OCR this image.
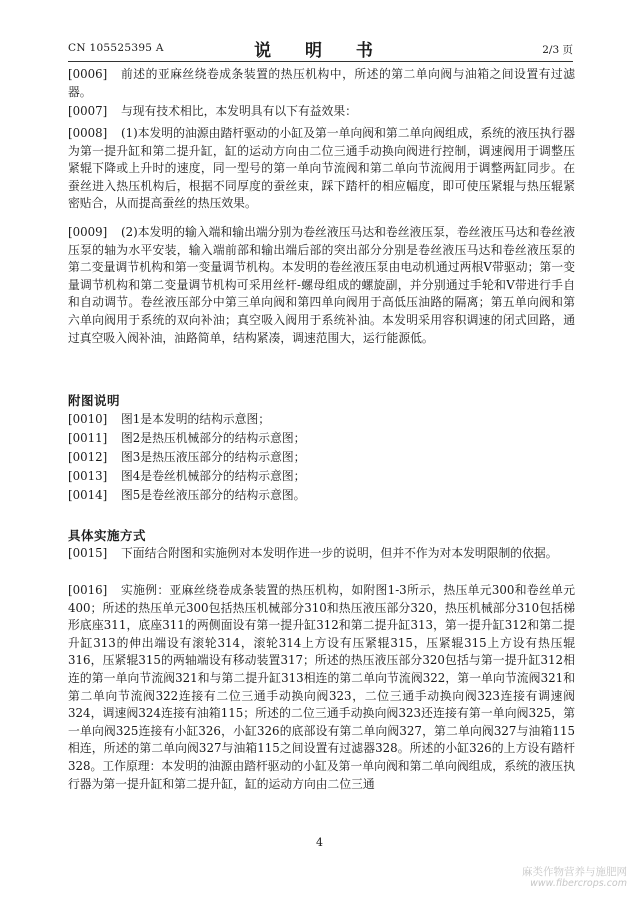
CN 105525395 A	说 明 书	2/3 页
[0006]	前述的亚麻丝绕卷成条装置的热压机构中，所述的第二单向阀与油箱之间设置有过滤器。

[0007]	与现有技术相比，本发明具有以下有益效果：

[0008]	(1)本发明的油源由踏杆驱动的小缸及第一单向阀和第二单向阀组成，系统的液压执行器为第一提升缸和第二提升缸，缸的运动方向由二位三通手动换向阀进行控制，调速阀用于调整压紧辊下降或上升时的速度，同一型号的第一单向节流阀和第二单向节流阀用于调整两缸同步。在蚕丝进入热压机构后，根据不同厚度的蚕丝束，踩下踏杆的相应幅度，即可使压紧辊与热压辊紧密贴合，从而提高蚕丝的热压效果。

[0009]	(2)本发明的输入端和输出端分别为卷丝液压马达和卷丝液压泵，卷丝液压马达和卷丝液压泵的轴为水平安装，输入端前部和输出端后部的突出部分分别是卷丝液压马达和卷丝液压泵的第二变量调节机构和第一变量调节机构。本发明的卷丝液压泵由电动机通过两根V带驱动；第一变量调节机构和第二变量调节机构可采用丝杆-螺母组成的螺旋副，并分别通过手轮和V带进行手自和自动调节。卷丝液压部分中第三单向阀和第四单向阀用于高低压油路的隔离；第五单向阀和第六单向阀用于系统的双向补油；真空吸入阀用于系统补油。本发明采用容积调速的闭式回路，通过真空吸入阀补油，油路简单，结构紧凑，调速范围大，运行能源低。

附图说明
[0010]	图1是本发明的结构示意图；

[0011]	图2是热压机械部分的结构示意图；

[0012]	图3是热压液压部分的结构示意图；

[0013]	图4是卷丝机械部分的结构示意图；

[0014]	图5是卷丝液压部分的结构示意图。

具体实施方式
[0015]	下面结合附图和实施例对本发明作进一步的说明，但并不作为对本发明限制的依据。

[0016]	实施例：亚麻丝绕卷成条装置的热压机构，如附图1-3所示，热压单元300和卷丝单元400；所述的热压单元300包括热压机械部分310和热压液压部分320，热压机械部分310包括梯形底座311，底座311的两侧面设有第一提升缸312和第二提升缸313，第一提升缸312和第二提升缸313的伸出端设有滚轮314，滚轮314上方设有压紧辊315，压紧辊315上方设有热压辊316，压紧辊315的两轴端设有移动装置317；所述的热压液压部分320包括与第一提升缸312相连的第一单向节流阀321和与第二提升缸313相连的第二单向节流阀322，第一单向节流阀321和第二单向节流阀322连接有二位三通手动换向阀323，二位三通手动换向阀323连接有调速阀324，调速阀324连接有油箱115；所述的二位三通手动换向阀323还连接有第一单向阀325，第一单向阀325连接有小缸326，小缸326的底部设有第二单向阀327，第二单向阀327与油箱115相连，所述的第二单向阀327与油箱115之间设置有过滤器328。所述的小缸326的上方设有踏杆328。工作原理：本发明的油源由踏杆驱动的小缸及第一单向阀和第二单向阀组成，系统的液压执行器为第一提升缸和第二提升缸，缸的运动方向由二位三通

4
麻类作物营养与施肥网
www.fibercrops.com
